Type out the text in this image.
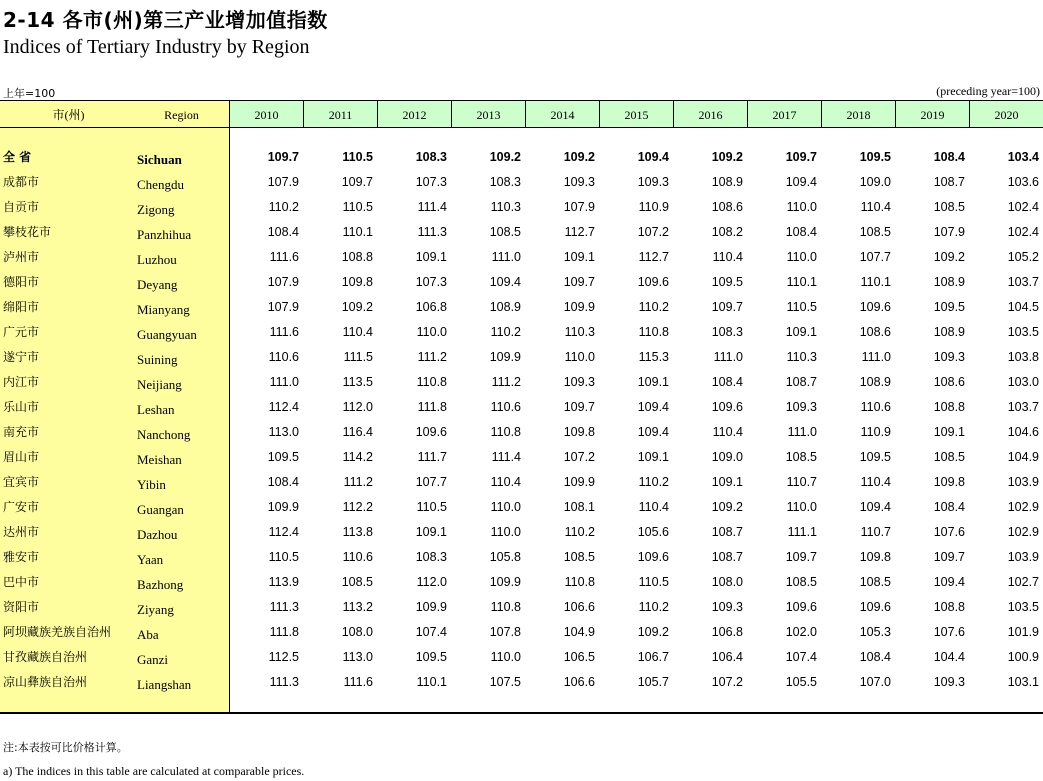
2-14 各市(州)第三产业增加值指数
Indices of Tertiary Industry by Region
上年=100	(preceding year=100)
市(州)	Region	2010	2011	2012	2013	2014	2015	2016	2017	2018	2019	2020
全 省	Sichuan	109.7	110.5	108.3	109.2	109.2	109.4	109.2	109.7	109.5	108.4	103.4
成都市	Chengdu	107.9	109.7	107.3	108.3	109.3	109.3	108.9	109.4	109.0	108.7	103.6
自贡市	Zigong	110.2	110.5	111.4	110.3	107.9	110.9	108.6	110.0	110.4	108.5	102.4
攀枝花市	Panzhihua	108.4	110.1	111.3	108.5	112.7	107.2	108.2	108.4	108.5	107.9	102.4
泸州市	Luzhou	111.6	108.8	109.1	111.0	109.1	112.7	110.4	110.0	107.7	109.2	105.2
德阳市	Deyang	107.9	109.8	107.3	109.4	109.7	109.6	109.5	110.1	110.1	108.9	103.7
绵阳市	Mianyang	107.9	109.2	106.8	108.9	109.9	110.2	109.7	110.5	109.6	109.5	104.5
广元市	Guangyuan	111.6	110.4	110.0	110.2	110.3	110.8	108.3	109.1	108.6	108.9	103.5
遂宁市	Suining	110.6	111.5	111.2	109.9	110.0	115.3	111.0	110.3	111.0	109.3	103.8
内江市	Neijiang	111.0	113.5	110.8	111.2	109.3	109.1	108.4	108.7	108.9	108.6	103.0
乐山市	Leshan	112.4	112.0	111.8	110.6	109.7	109.4	109.6	109.3	110.6	108.8	103.7
南充市	Nanchong	113.0	116.4	109.6	110.8	109.8	109.4	110.4	111.0	110.9	109.1	104.6
眉山市	Meishan	109.5	114.2	111.7	111.4	107.2	109.1	109.0	108.5	109.5	108.5	104.9
宜宾市	Yibin	108.4	111.2	107.7	110.4	109.9	110.2	109.1	110.7	110.4	109.8	103.9
广安市	Guangan	109.9	112.2	110.5	110.0	108.1	110.4	109.2	110.0	109.4	108.4	102.9
达州市	Dazhou	112.4	113.8	109.1	110.0	110.2	105.6	108.7	111.1	110.7	107.6	102.9
雅安市	Yaan	110.5	110.6	108.3	105.8	108.5	109.6	108.7	109.7	109.8	109.7	103.9
巴中市	Bazhong	113.9	108.5	112.0	109.9	110.8	110.5	108.0	108.5	108.5	109.4	102.7
资阳市	Ziyang	111.3	113.2	109.9	110.8	106.6	110.2	109.3	109.6	109.6	108.8	103.5
阿坝藏族羌族自治州 Aba	111.8	108.0	107.4	107.8	104.9	109.2	106.8	102.0	105.3	107.6	101.9
甘孜藏族自治州	Ganzi	112.5	113.0	109.5	110.0	106.5	106.7	106.4	107.4	108.4	104.4	100.9
凉山彝族自治州	Liangshan	111.3	111.6	110.1	107.5	106.6	105.7	107.2	105.5	107.0	109.3	103.1
注:本表按可比价格计算。
a) The indices in this table are calculated at comparable prices.
